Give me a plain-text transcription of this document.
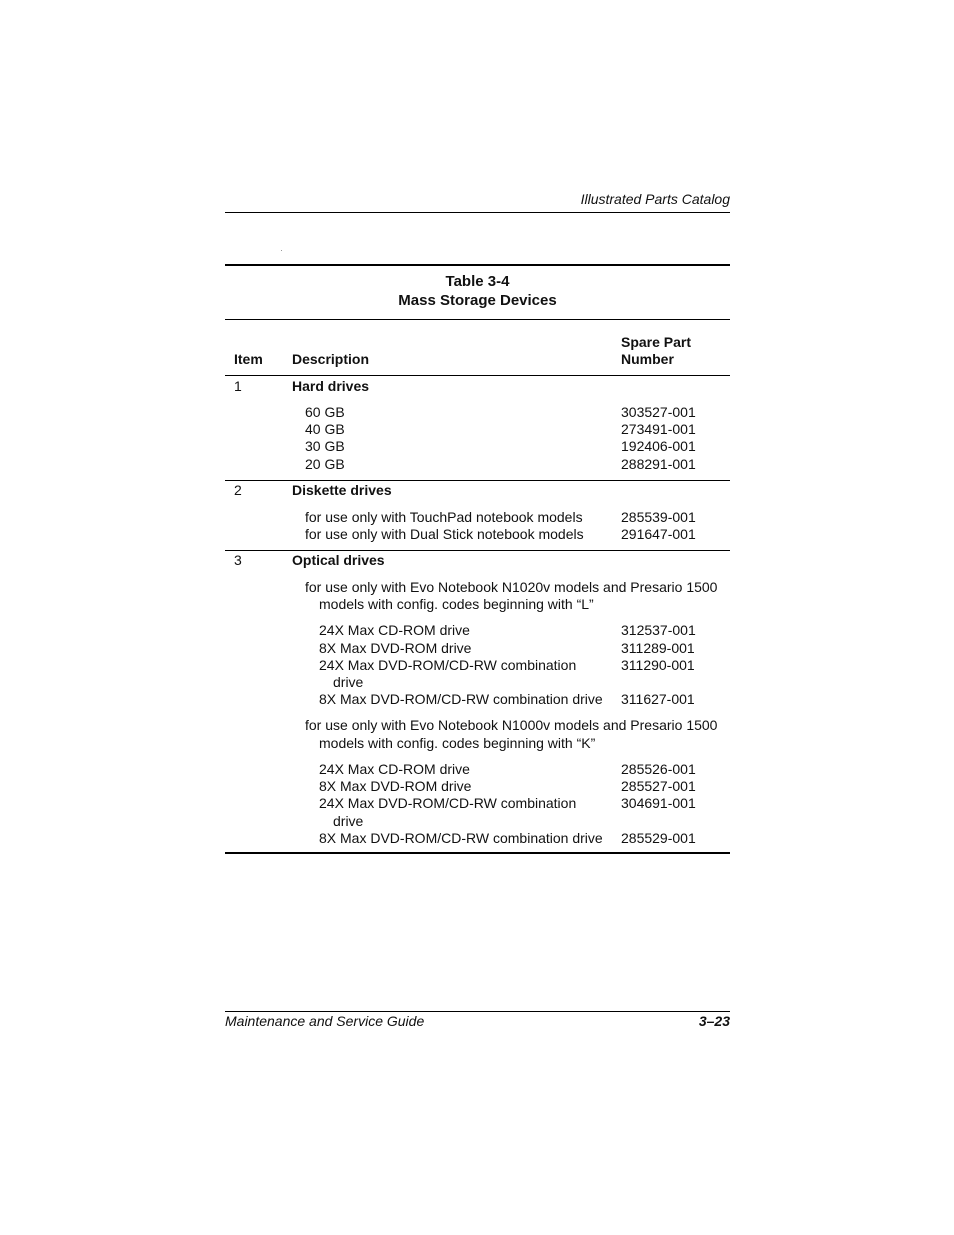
Illustrated Parts Catalog
Table 3-4
Mass Storage Devices
Item Description
Spare Part
Number
1	Hard drives
60 GB	303527-001
40 GB	273491-001
30 GB	192406-001
20 GB	288291-001
2	Diskette drives
for use only with TouchPad notebook models	285539-001
for use only with Dual Stick notebook models	291647-001
3	Optical drives
for use only with Evo Notebook N1020v models and Presario 1500
models with config. codes beginning with “L”
24X Max CD-ROM drive	312537-001
8X Max DVD-ROM drive	311289-001
24X Max DVD-ROM/CD-RW combination	311290-001
drive
8X Max DVD-ROM/CD-RW combination drive 311627-001
for use only with Evo Notebook N1000v models and Presario 1500
models with config. codes beginning with “K”
24X Max CD-ROM drive	285526-001
8X Max DVD-ROM drive	285527-001
24X Max DVD-ROM/CD-RW combination	304691-001
drive
8X Max DVD-ROM/CD-RW combination drive 285529-001
Maintenance and Service Guide	3–23
